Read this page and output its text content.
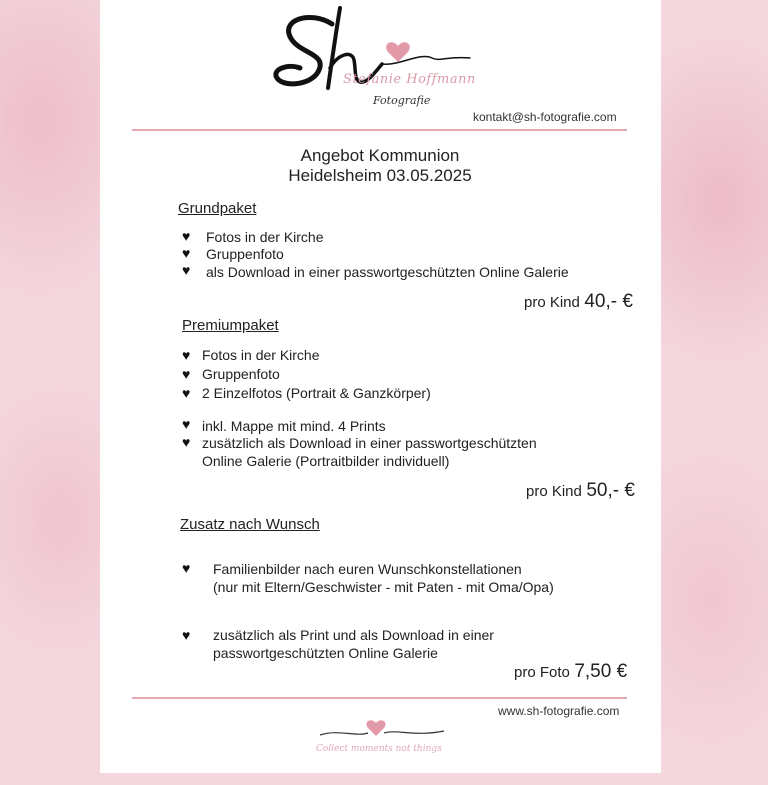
Stefanie Hoffmann
Fotografie
kontakt@sh-fotografie.com
Angebot Kommunion
Heidelsheim 03.05.2025
Grundpaket
♥ Fotos in der Kirche
♥ Gruppenfoto
♥ als Download in einer passwortgeschützten Online Galerie
pro Kind 40,- €
Premiumpaket
♥ Fotos in der Kirche
♥ Gruppenfoto
♥ 2 Einzelfotos (Portrait & Ganzkörper)
♥ inkl. Mappe mit mind. 4 Prints
♥ zusätzlich als Download in einer passwortgeschützten
Online Galerie (Portraitbilder individuell)
pro Kind 50,- €
Zusatz nach Wunsch
♥ Familienbilder nach euren Wunschkonstellationen
(nur mit Eltern/Geschwister - mit Paten - mit Oma/Opa)
♥ zusätzlich als Print und als Download in einer
passwortgeschützten Online Galerie
pro Foto 7,50 €
www.sh-fotografie.com
Collect moments not things
